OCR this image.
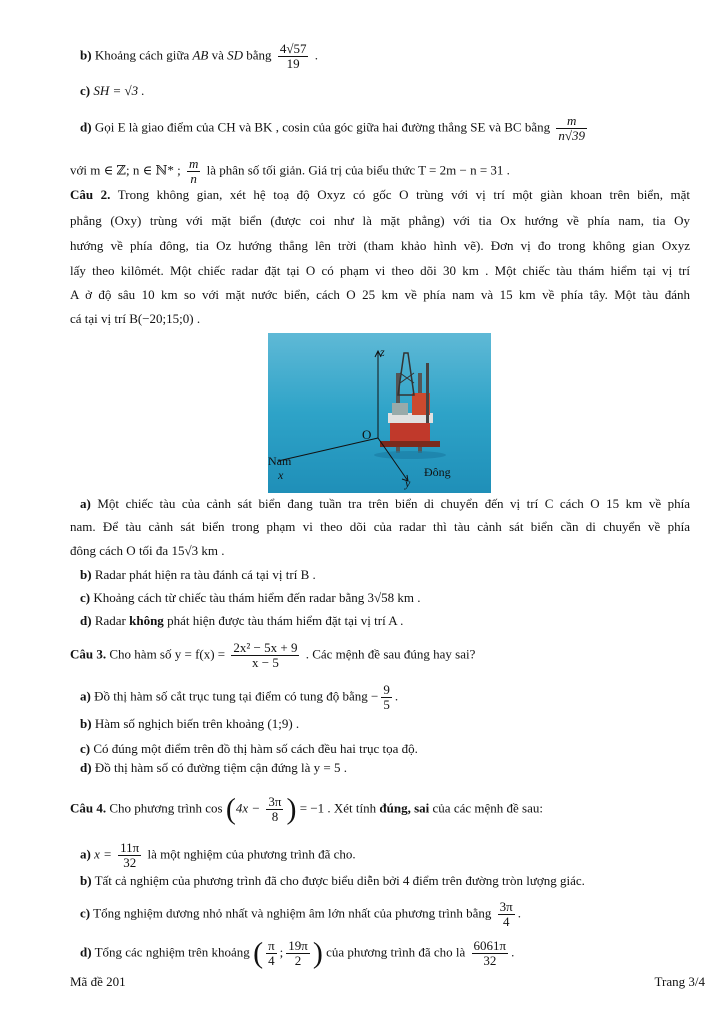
b) Khoảng cách giữa AB và SD bằng $\frac{4√57}{19}$ .
c) SH = √3 .
d) Gọi E là giao điểm của CH và BK , cosin của góc giữa hai đường thẳng SE và BC bằng $\frac{m}{n√39}$
với m ∈ ℤ; n ∈ ℕ* ; $\frac{m}{n}$ là phân số tối giản. Giá trị của biểu thức T = 2m − n = 31 .
Câu 2. Trong không gian, xét hệ toạ độ Oxyz có gốc O trùng với vị trí một giàn khoan trên biển, mặt
phẳng (Oxy) trùng với mặt biển (được coi như là mặt phẳng) với tia Ox hướng về phía nam, tia Oy
hướng về phía đông, tia Oz hướng thẳng lên trời (tham khảo hình vẽ). Đơn vị đo trong không gian Oxyz
lấy theo kilômét. Một chiếc radar đặt tại O có phạm vi theo dõi 30 km . Một chiếc tàu thám hiểm tại vị trí
A ở độ sâu 10 km so với mặt nước biển, cách O 25 km về phía nam và 15 km về phía tây. Một tàu đánh
cá tại vị trí B(−20;15;0) .
z
O
x
y
Nam
Đông
a) Một chiếc tàu của cảnh sát biển đang tuần tra trên biển di chuyển đến vị trí C cách O 15 km về phía
nam. Để tàu cảnh sát biển trong phạm vi theo dõi của radar thì tàu cảnh sát biển cần di chuyển về phía
đông cách O tối đa 15√3 km .
b) Radar phát hiện ra tàu đánh cá tại vị trí B .
c) Khoảng cách từ chiếc tàu thám hiểm đến radar bằng 3√58 km .
d) Radar không phát hiện được tàu thám hiểm đặt tại vị trí A .
Câu 3. Cho hàm số $y = f(x) = \frac{\text{2x² − 5x + 9}}{x - 5}$ . Các mệnh đề sau đúng hay sai?
a) Đồ thị hàm số cắt trục tung tại điểm có tung độ bằng − $\frac{9}{5}$ .
b) Hàm số nghịch biến trên khoảng (1;9) .
c) Có đúng một điểm trên đồ thị hàm số cách đều hai trục tọa độ.
d) Đồ thị hàm số có đường tiệm cận đứng là y = 5 .
Câu 4. Cho phương trình $\cos (4x - \frac{3\pi}{8}$ ) = −1 . Xét tính đúng, sai của các mệnh đề sau:
a) $x = \frac{11\pi}{32}$ là một nghiệm của phương trình đã cho.
b) Tất cả nghiệm của phương trình đã cho được biểu diễn bởi 4 điểm trên đường tròn lượng giác.
c) Tổng nghiệm dương nhỏ nhất và nghiệm âm lớn nhất của phương trình bằng $\frac{3\pi}{4}$ .
d) Tổng các nghiệm trên khoảng ( $\frac{\pi}{4}$ ; $\frac{19\pi}{2}$ ) của phương trình đã cho là $\frac{6061\pi}{32}$ .
Mã đề 201	Trang 3/4
